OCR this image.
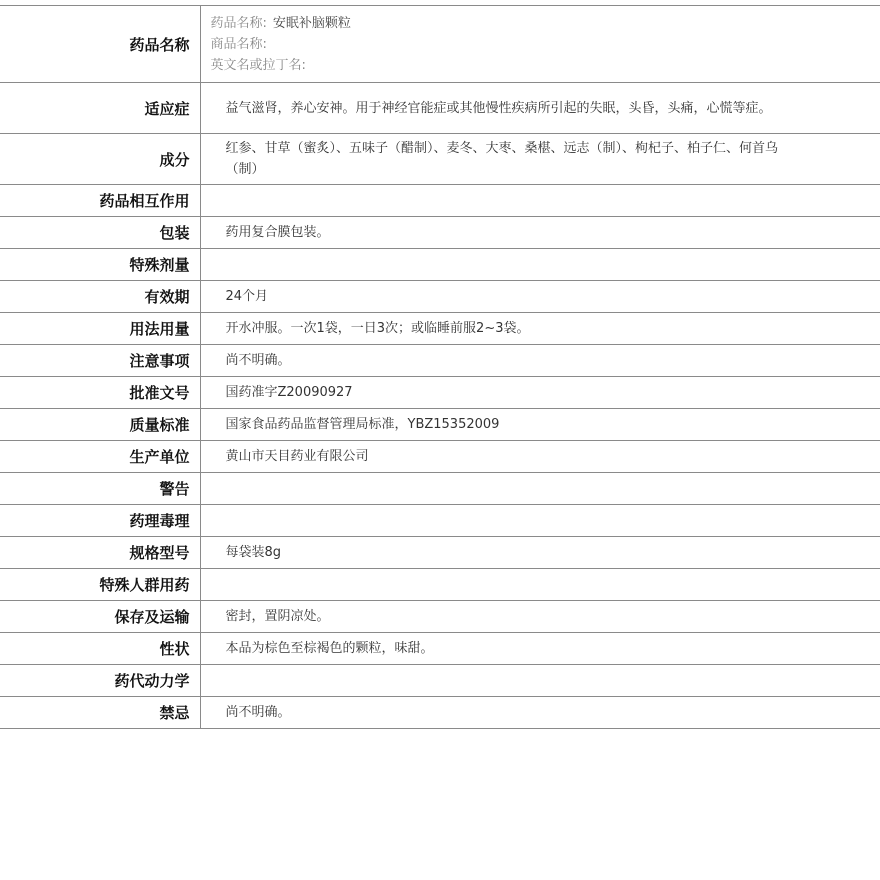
药品名称	药品名称: 安眠补脑颗粒
商品名称:
英文名或拉丁名:

适应症	益气滋肾，养心安神。用于神经官能症或其他慢性疾病所引起的失眠，头昏，头痛，心慌等症。
成分	红参、甘草（蜜炙）、五味子（醋制）、麦冬、大枣、桑椹、远志（制）、枸杞子、柏子仁、何首乌（制）
药品相互作用	
包装	药用复合膜包装。
特殊剂量	
有效期	24个月
用法用量	开水冲服。一次1袋，一日3次；或临睡前服2~3袋。
注意事项	尚不明确。
批准文号	国药准字Z20090927
质量标准	国家食品药品监督管理局标准，YBZ15352009
生产单位	黄山市天目药业有限公司
警告	
药理毒理	
规格型号	每袋装8g
特殊人群用药	
保存及运输	密封，置阴凉处。
性状	本品为棕色至棕褐色的颗粒，味甜。
药代动力学	
禁忌	尚不明确。
